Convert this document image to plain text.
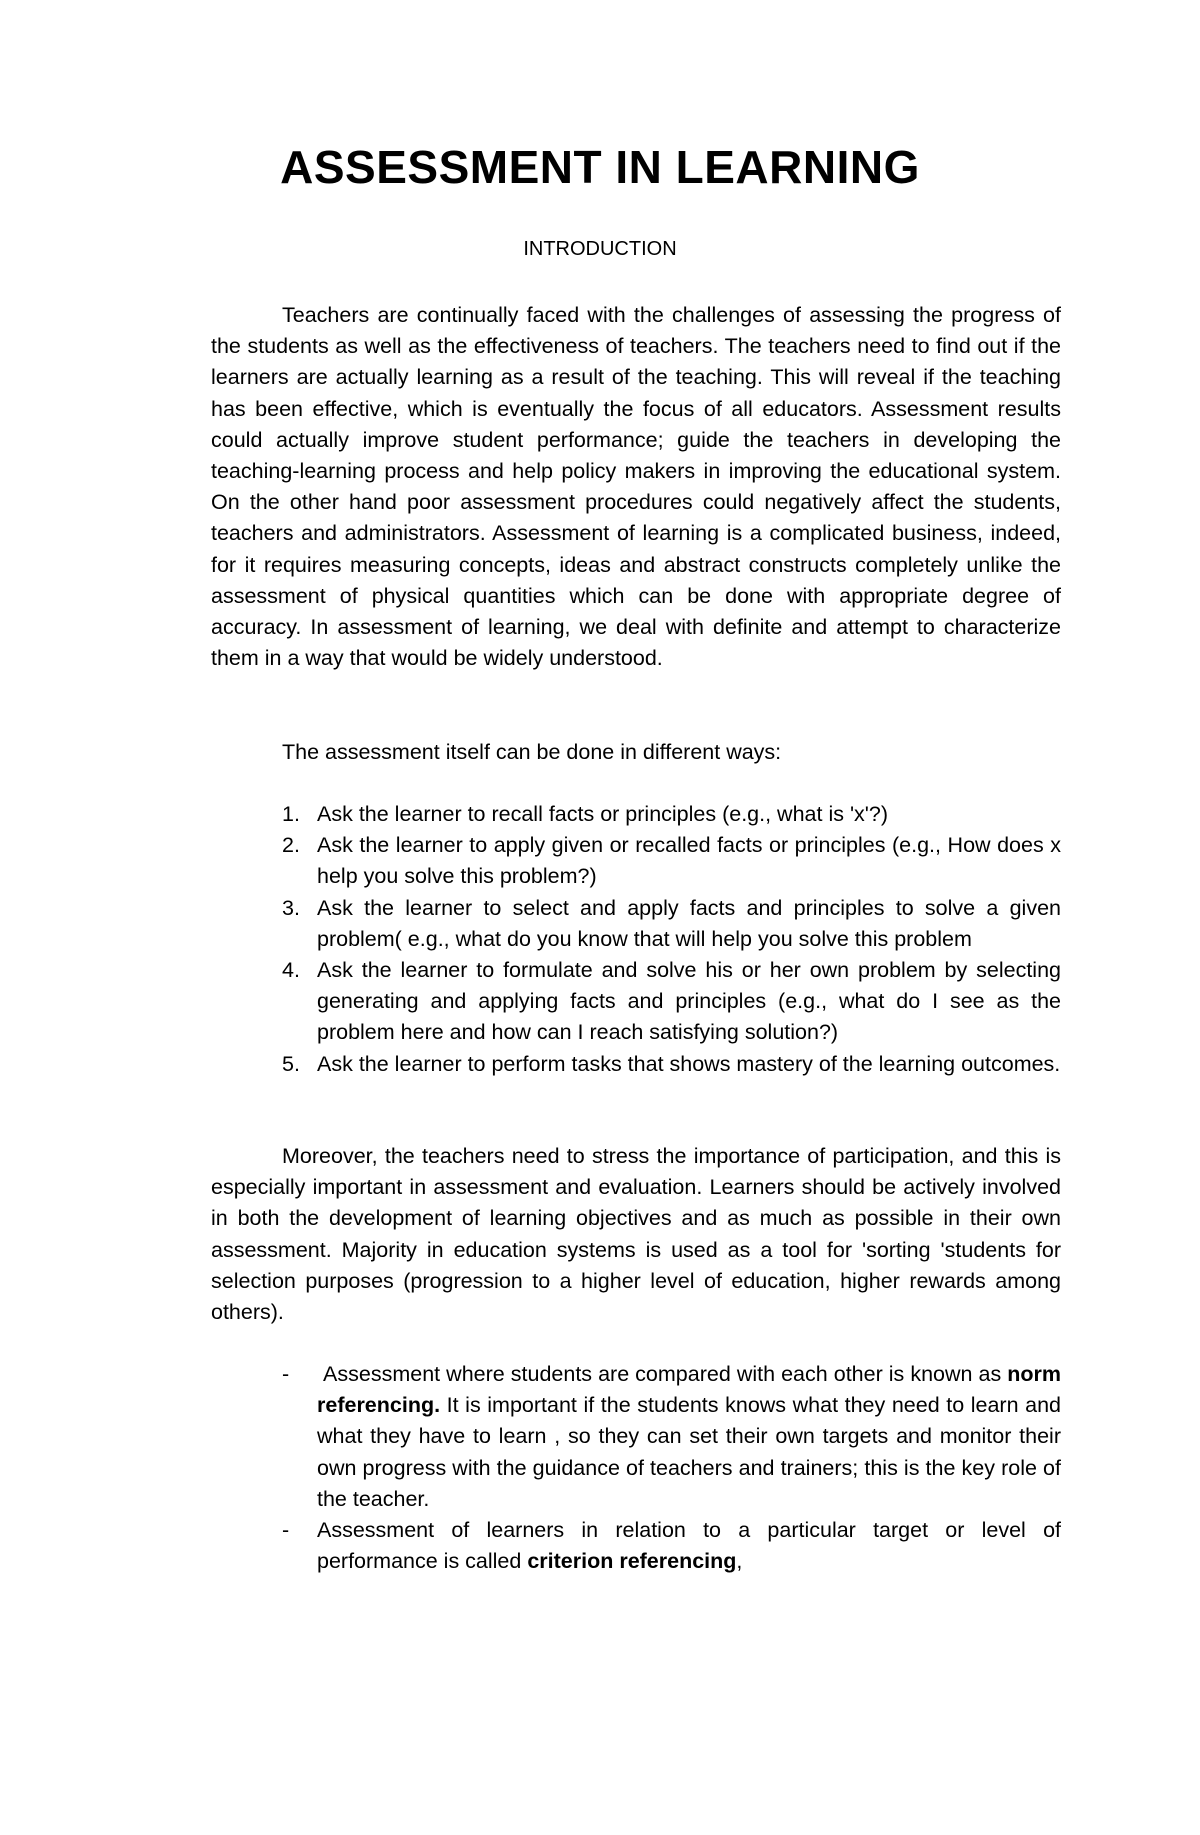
ASSESSMENT IN LEARNING
INTRODUCTION

Teachers are continually faced with the challenges of assessing the progress of the students as well as the effectiveness of teachers. The teachers need to find out if the learners are actually learning as a result of the teaching. This will reveal if the teaching has been effective, which is eventually the focus of all educators. Assessment results could actually improve student performance; guide the teachers in developing the teaching-learning process and help policy makers in improving the educational system. On the other hand poor assessment procedures could negatively affect the students, teachers and administrators. Assessment of learning is a complicated business, indeed, for it requires measuring concepts, ideas and abstract constructs completely unlike the assessment of physical quantities which can be done with appropriate degree of accuracy. In assessment of learning, we deal with definite and attempt to characterize them in a way that would be widely understood.

The assessment itself can be done in different ways:

1. Ask the learner to recall facts or principles (e.g., what is 'x'?)
2. Ask the learner to apply given or recalled facts or principles (e.g., How does x help you solve this problem?)
3. Ask the learner to select and apply facts and principles to solve a given problem( e.g., what do you know that will help you solve this problem
4. Ask the learner to formulate and solve his or her own problem by selecting generating and applying facts and principles (e.g., what do I see as the problem here and how can I reach satisfying solution?)
5. Ask the learner to perform tasks that shows mastery of the learning outcomes.

Moreover, the teachers need to stress the importance of participation, and this is especially important in assessment and evaluation. Learners should be actively involved in both the development of learning objectives and as much as possible in their own assessment. Majority in education systems is used as a tool for 'sorting 'students for selection purposes (progression to a higher level of education, higher rewards among others).

- Assessment where students are compared with each other is known as norm referencing. It is important if the students knows what they need to learn and what they have to learn , so they can set their own targets and monitor their own progress with the guidance of teachers and trainers; this is the key role of the teacher.
- Assessment of learners in relation to a particular target or level of performance is called criterion referencing,
